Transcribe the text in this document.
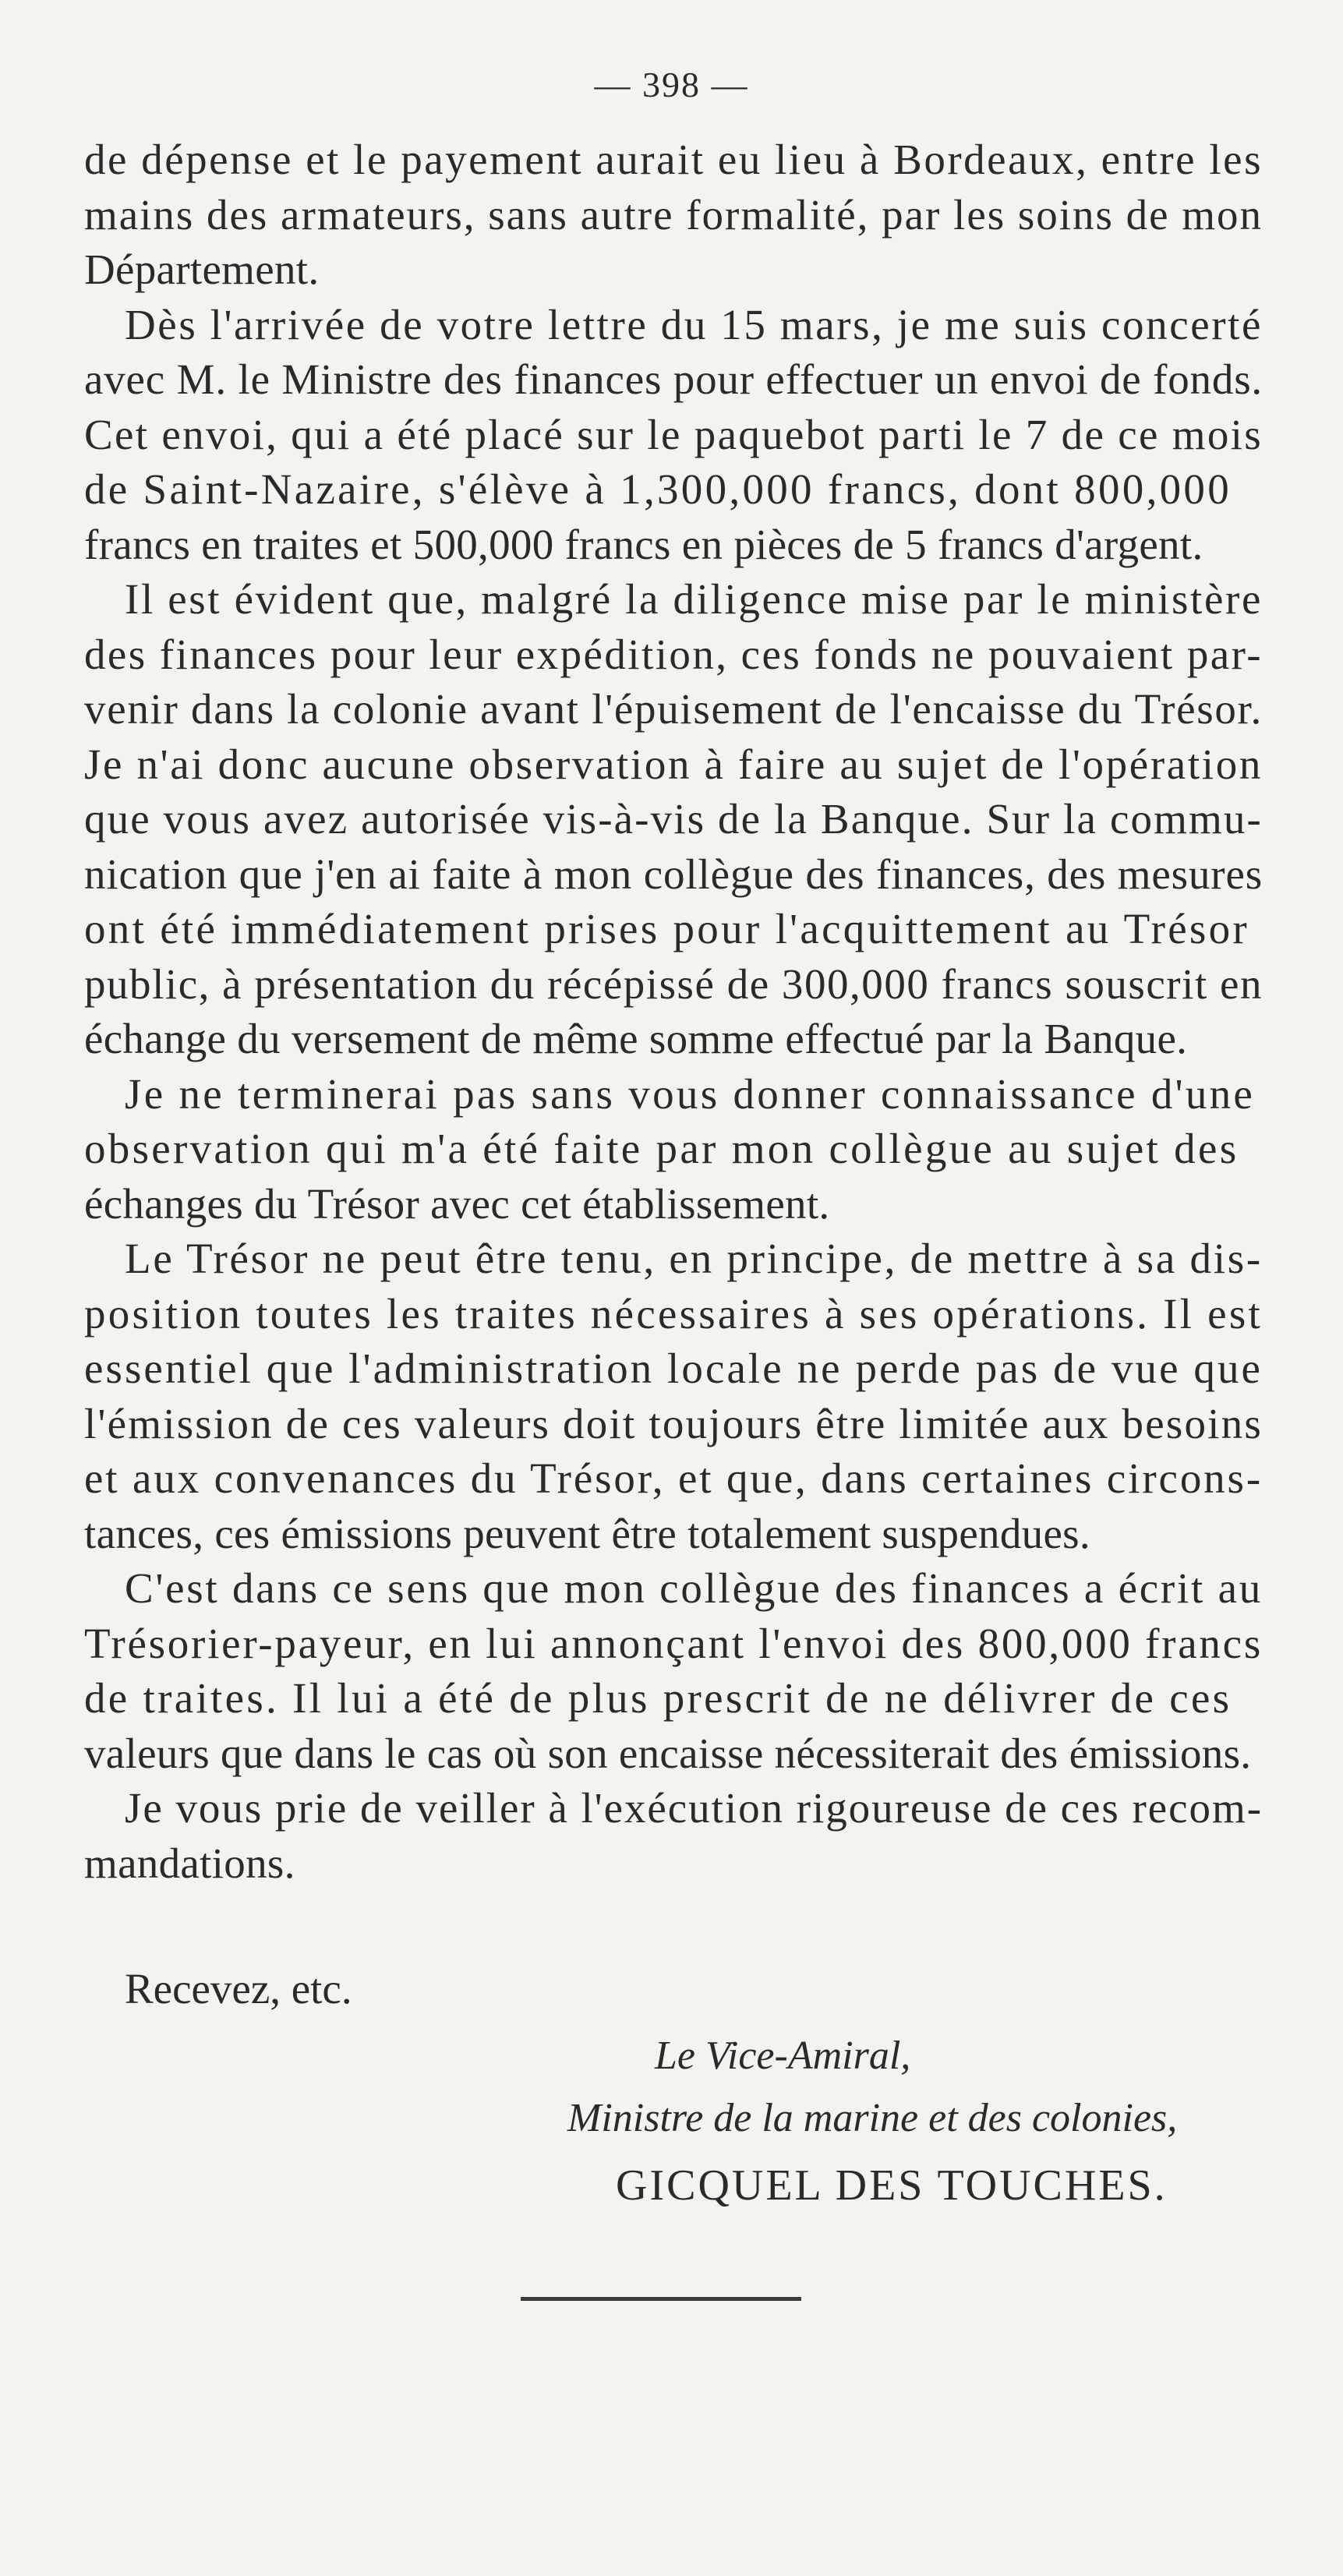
— 398 —
de dépense et le payement aurait eu lieu à Bordeaux, entre les
mains des armateurs, sans autre formalité, par les soins de mon
Département.
Dès l'arrivée de votre lettre du 15 mars, je me suis concerté
avec M. le Ministre des finances pour effectuer un envoi de fonds.
Cet envoi, qui a été placé sur le paquebot parti le 7 de ce mois
de Saint-Nazaire, s'élève à 1,300,000 francs, dont 800,000
francs en traites et 500,000 francs en pièces de 5 francs d'argent.
Il est évident que, malgré la diligence mise par le ministère
des finances pour leur expédition, ces fonds ne pouvaient par-
venir dans la colonie avant l'épuisement de l'encaisse du Trésor.
Je n'ai donc aucune observation à faire au sujet de l'opération
que vous avez autorisée vis-à-vis de la Banque. Sur la commu-
nication que j'en ai faite à mon collègue des finances, des mesures
ont été immédiatement prises pour l'acquittement au Trésor
public, à présentation du récépissé de 300,000 francs souscrit en
échange du versement de même somme effectué par la Banque.
Je ne terminerai pas sans vous donner connaissance d'une
observation qui m'a été faite par mon collègue au sujet des
échanges du Trésor avec cet établissement.
Le Trésor ne peut être tenu, en principe, de mettre à sa dis-
position toutes les traites nécessaires à ses opérations. Il est
essentiel que l'administration locale ne perde pas de vue que
l'émission de ces valeurs doit toujours être limitée aux besoins
et aux convenances du Trésor, et que, dans certaines circons-
tances, ces émissions peuvent être totalement suspendues.
C'est dans ce sens que mon collègue des finances a écrit au
Trésorier-payeur, en lui annonçant l'envoi des 800,000 francs
de traites. Il lui a été de plus prescrit de ne délivrer de ces
valeurs que dans le cas où son encaisse nécessiterait des émissions.
Je vous prie de veiller à l'exécution rigoureuse de ces recom-
mandations.
Recevez, etc.
Le Vice-Amiral,
Ministre de la marine et des colonies,
GICQUEL DES TOUCHES.
